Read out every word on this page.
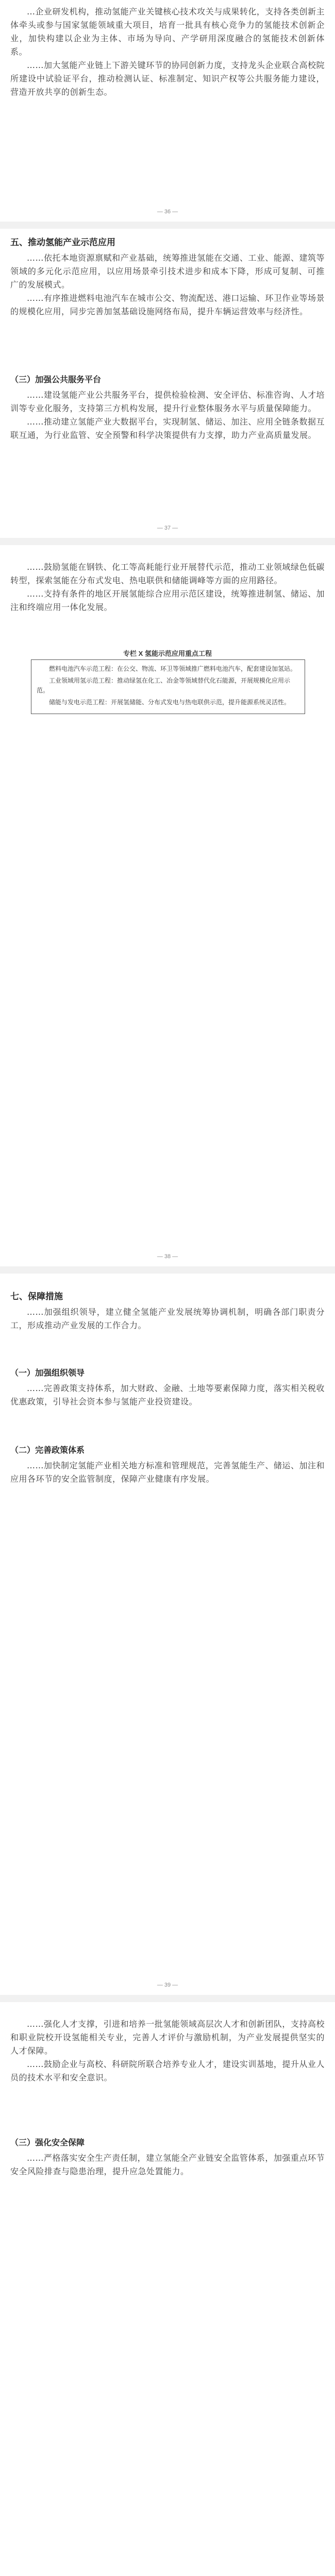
…企业研发机构，推动氢能产业关键核心技术攻关与成果转化，支持各类创新主体牵头或参与国家氢能领域重大项目，培育一批具有核心竞争力的氢能技术创新企业，加快构建以企业为主体、市场为导向、产学研用深度融合的氢能技术创新体系。

……加大氢能产业链上下游关键环节的协同创新力度，支持龙头企业联合高校院所建设中试验证平台，推动检测认证、标准制定、知识产权等公共服务能力建设，营造开放共享的创新生态。

— 36 —
五、推动氢能产业示范应用

……依托本地资源禀赋和产业基础，统筹推进氢能在交通、工业、能源、建筑等领域的多元化示范应用，以应用场景牵引技术进步和成本下降，形成可复制、可推广的发展模式。

……有序推进燃料电池汽车在城市公交、物流配送、港口运输、环卫作业等场景的规模化应用，同步完善加氢基础设施网络布局，提升车辆运营效率与经济性。

（三）加强公共服务平台

……建设氢能产业公共服务平台，提供检验检测、安全评估、标准咨询、人才培训等专业化服务，支持第三方机构发展，提升行业整体服务水平与质量保障能力。

……推动建立氢能产业大数据平台，实现制氢、储运、加注、应用全链条数据互联互通，为行业监管、安全预警和科学决策提供有力支撑，助力产业高质量发展。

— 37 —

……鼓励氢能在钢铁、化工等高耗能行业开展替代示范，推动工业领域绿色低碳转型，探索氢能在分布式发电、热电联供和储能调峰等方面的应用路径。

……支持有条件的地区开展氢能综合应用示范区建设，统筹推进制氢、储运、加注和终端应用一体化发展。

专栏 X 氢能示范应用重点工程

燃料电池汽车示范工程：在公交、物流、环卫等领域推广燃料电池汽车，配套建设加氢站。

工业领域用氢示范工程：推动绿氢在化工、冶金等领域替代化石能源，开展规模化应用示范。

储能与发电示范工程：开展氢储能、分布式发电与热电联供示范，提升能源系统灵活性。

— 38 —
七、保障措施

……加强组织领导，建立健全氢能产业发展统筹协调机制，明确各部门职责分工，形成推动产业发展的工作合力。

（一）加强组织领导

……完善政策支持体系，加大财政、金融、土地等要素保障力度，落实相关税收优惠政策，引导社会资本参与氢能产业投资建设。

（二）完善政策体系

……加快制定氢能产业相关地方标准和管理规范，完善氢能生产、储运、加注和应用各环节的安全监管制度，保障产业健康有序发展。

— 39 —

……强化人才支撑，引进和培养一批氢能领域高层次人才和创新团队，支持高校和职业院校开设氢能相关专业，完善人才评价与激励机制，为产业发展提供坚实的人才保障。

……鼓励企业与高校、科研院所联合培养专业人才，建设实训基地，提升从业人员的技术水平和安全意识。

（三）强化安全保障

……严格落实安全生产责任制，建立氢能全产业链安全监管体系，加强重点环节安全风险排查与隐患治理，提升应急处置能力。
